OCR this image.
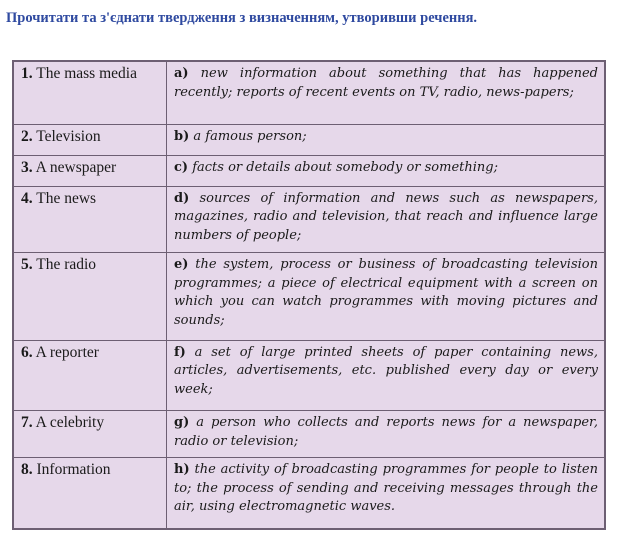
Прочитати та з'єднати твердження з визначенням, утворивши речення.
1. The mass media	a) new information about something that has happened recently; reports of recent events on TV, radio, news-papers;
2. Television	b) a famous person;
3. A newspaper	c) facts or details about somebody or something;
4. The news	d) sources of information and news such as newspapers, magazines, radio and television, that reach and influence large numbers of people;
5. The radio	e) the system, process or business of broadcasting television programmes; a piece of electrical equipment with a screen on which you can watch programmes with moving pictures and sounds;
6. A reporter	f) a set of large printed sheets of paper containing news, articles, advertisements, etc. published every day or every week;
7. A celebrity	g) a person who collects and reports news for a newspaper, radio or television;
8. Information	h) the activity of broadcasting programmes for people to listen to; the process of sending and receiving messages through the air, using electromagnetic waves.
